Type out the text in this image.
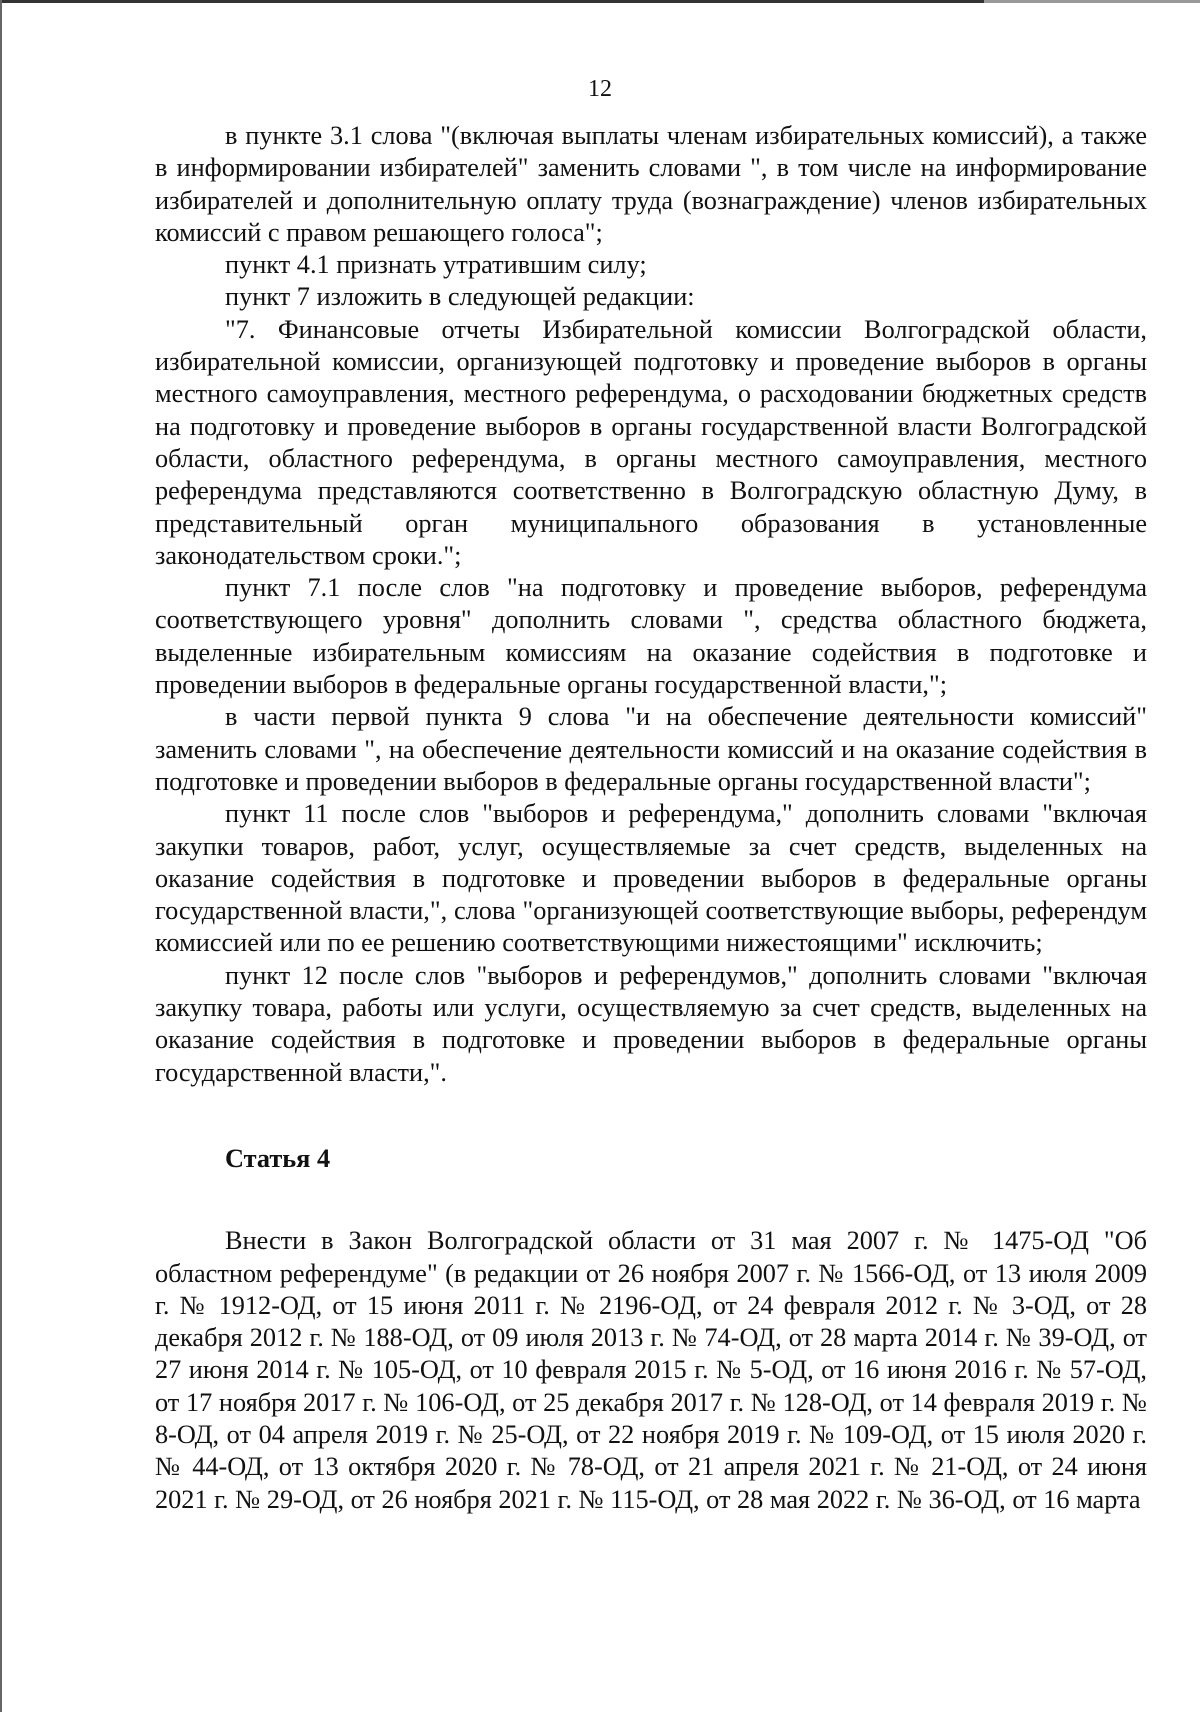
12

в пункте 3.1 слова "(включая выплаты членам избирательных комиссий), а также в информировании избирателей" заменить словами ", в том числе на информирование избирателей и дополнительную оплату труда (вознаграждение) членов избирательных комиссий с правом решающего голоса";

пункт 4.1 признать утратившим силу;

пункт 7 изложить в следующей редакции:

"7. Финансовые отчеты Избирательной комиссии Волгоградской области, избирательной комиссии, организующей подготовку и проведение выборов в органы местного самоуправления, местного референдума, о расходовании бюджетных средств на подготовку и проведение выборов в органы государственной власти Волгоградской области, областного референдума, в органы местного самоуправления, местного референдума представляются соответственно в Волгоградскую областную Думу, в представительный орган муниципального образования в установленные законодательством сроки.";

пункт 7.1 после слов "на подготовку и проведение выборов, референдума соответствующего уровня" дополнить словами ", средства областного бюджета, выделенные избирательным комиссиям на оказание содействия в подготовке и проведении выборов в федеральные органы государственной власти,";

в части первой пункта 9 слова "и на обеспечение деятельности комиссий" заменить словами ", на обеспечение деятельности комиссий и на оказание содействия в подготовке и проведении выборов в федеральные органы государственной власти";

пункт 11 после слов "выборов и референдума," дополнить словами "включая закупки товаров, работ, услуг, осуществляемые за счет средств, выделенных на оказание содействия в подготовке и проведении выборов в федеральные органы государственной власти,", слова "организующей соответствующие выборы, референдум комиссией или по ее решению соответствующими нижестоящими" исключить;

пункт 12 после слов "выборов и референдумов," дополнить словами "включая закупку товара, работы или услуги, осуществляемую за счет средств, выделенных на оказание содействия в подготовке и проведении выборов в федеральные органы государственной власти,".

Статья 4

Внести в Закон Волгоградской области от 31 мая 2007 г. № 1475-ОД "Об областном референдуме" (в редакции от 26 ноября 2007 г. № 1566-ОД, от 13 июля 2009 г. № 1912-ОД, от 15 июня 2011 г. № 2196-ОД, от 24 февраля 2012 г. № 3-ОД, от 28 декабря 2012 г. № 188-ОД, от 09 июля 2013 г. № 74-ОД, от 28 марта 2014 г. № 39-ОД, от 27 июня 2014 г. № 105-ОД, от 10 февраля 2015 г. № 5-ОД, от 16 июня 2016 г. № 57-ОД, от 17 ноября 2017 г. № 106-ОД, от 25 декабря 2017 г. № 128-ОД, от 14 февраля 2019 г. № 8-ОД, от 04 апреля 2019 г. № 25-ОД, от 22 ноября 2019 г. № 109-ОД, от 15 июля 2020 г. № 44-ОД, от 13 октября 2020 г. № 78-ОД, от 21 апреля 2021 г. № 21-ОД, от 24 июня 2021 г. № 29-ОД, от 26 ноября 2021 г. № 115-ОД, от 28 мая 2022 г. № 36-ОД, от 16 марта
